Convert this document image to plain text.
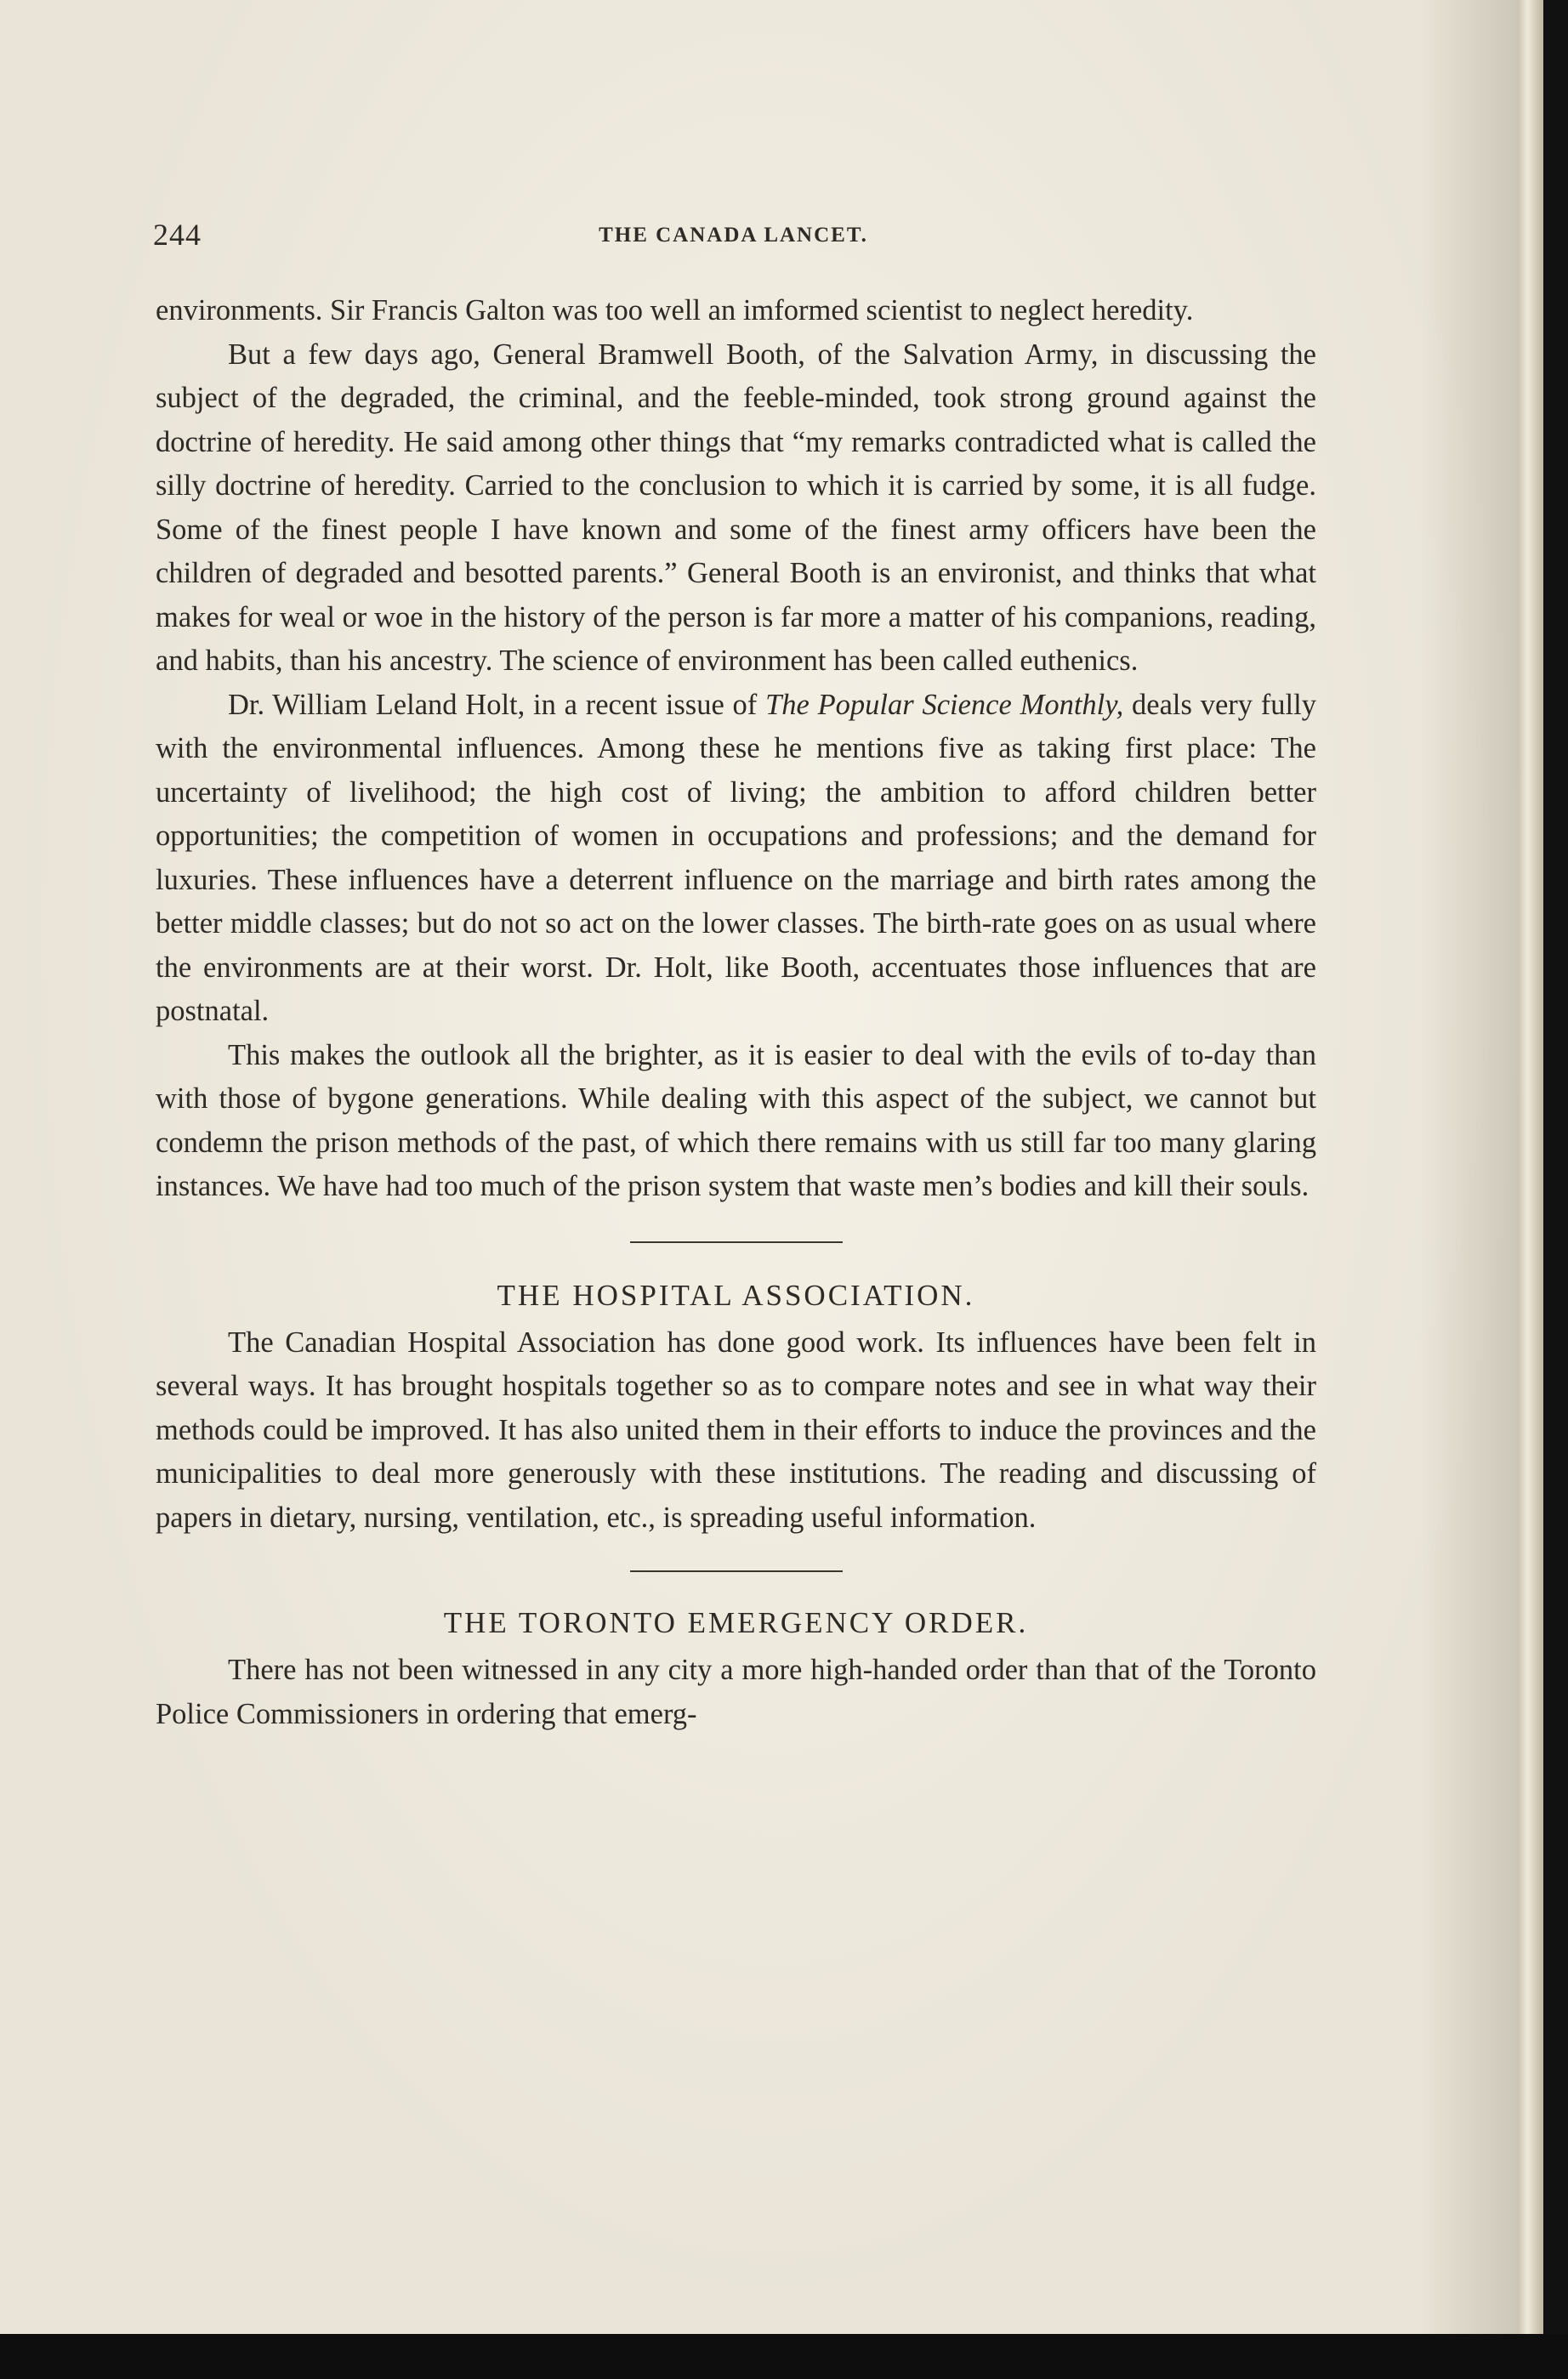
244	THE CANADA LANCET.

environments. Sir Francis Galton was too well an imformed scientist to neglect heredity.

But a few days ago, General Bramwell Booth, of the Salvation Army, in discussing the subject of the degraded, the criminal, and the feeble-minded, took strong ground against the doctrine of heredity. He said among other things that “my remarks contradicted what is called the silly doctrine of heredity. Carried to the conclusion to which it is carried by some, it is all fudge. Some of the finest people I have known and some of the finest army officers have been the children of degraded and besotted parents.” General Booth is an environist, and thinks that what makes for weal or woe in the history of the person is far more a matter of his companions, reading, and habits, than his ancestry. The science of environment has been called euthenics.

Dr. William Leland Holt, in a recent issue of The Popular Science Monthly, deals very fully with the environmental influences. Among these he mentions five as taking first place: The uncertainty of livelihood; the high cost of living; the ambition to afford children better opportunities; the competition of women in occupations and professions; and the demand for luxuries. These influences have a deterrent influence on the marriage and birth rates among the better middle classes; but do not so act on the lower classes. The birth-rate goes on as usual where the environments are at their worst. Dr. Holt, like Booth, accentuates those influences that are postnatal.

This makes the outlook all the brighter, as it is easier to deal with the evils of to-day than with those of bygone generations. While dealing with this aspect of the subject, we cannot but condemn the prison methods of the past, of which there remains with us still far too many glaring instances. We have had too much of the prison system that waste men’s bodies and kill their souls.

THE HOSPITAL ASSOCIATION.

The Canadian Hospital Association has done good work. Its influences have been felt in several ways. It has brought hospitals together so as to compare notes and see in what way their methods could be improved. It has also united them in their efforts to induce the provinces and the municipalities to deal more generously with these institutions. The reading and discussing of papers in dietary, nursing, ventilation, etc., is spreading useful information.

THE TORONTO EMERGENCY ORDER.

There has not been witnessed in any city a more high-handed order than that of the Toronto Police Commissioners in ordering that emerg-
